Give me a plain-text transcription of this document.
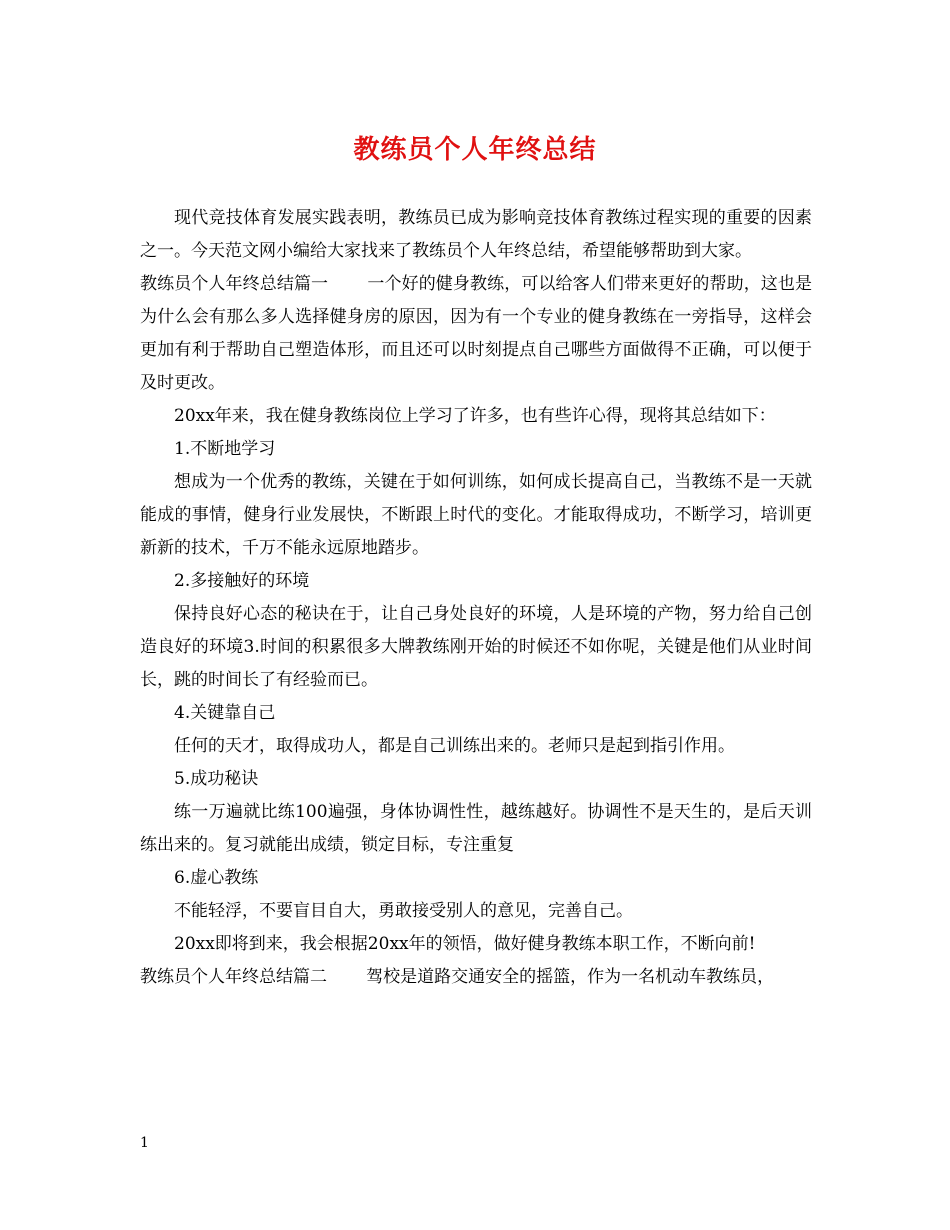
教练员个人年终总结

现代竞技体育发展实践表明，教练员已成为影响竞技体育教练过程实现的重要的因素之一。今天范文网小编给大家找来了教练员个人年终总结，希望能够帮助到大家。

教练员个人年终总结篇一 一个好的健身教练，可以给客人们带来更好的帮助，这也是为什么会有那么多人选择健身房的原因，因为有一个专业的健身教练在一旁指导，这样会更加有利于帮助自己塑造体形，而且还可以时刻提点自己哪些方面做得不正确，可以便于及时更改。

20xx年来，我在健身教练岗位上学习了许多，也有些许心得，现将其总结如下：

1.不断地学习

想成为一个优秀的教练，关键在于如何训练，如何成长提高自己，当教练不是一天就能成的事情，健身行业发展快，不断跟上时代的变化。才能取得成功，不断学习，培训更新新的技术，千万不能永远原地踏步。

2.多接触好的环境

保持良好心态的秘诀在于，让自己身处良好的环境，人是环境的产物，努力给自己创造良好的环境3.时间的积累很多大牌教练刚开始的时候还不如你呢，关键是他们从业时间长，跳的时间长了有经验而已。

4.关键靠自己

任何的天才，取得成功人，都是自己训练出来的。老师只是起到指引作用。

5.成功秘诀

练一万遍就比练100遍强，身体协调性性，越练越好。协调性不是天生的，是后天训练出来的。复习就能出成绩，锁定目标，专注重复

6.虚心教练

不能轻浮，不要盲目自大，勇敢接受别人的意见，完善自己。

20xx即将到来，我会根据20xx年的领悟，做好健身教练本职工作，不断向前!

教练员个人年终总结篇二 驾校是道路交通安全的摇篮，作为一名机动车教练员，

1
